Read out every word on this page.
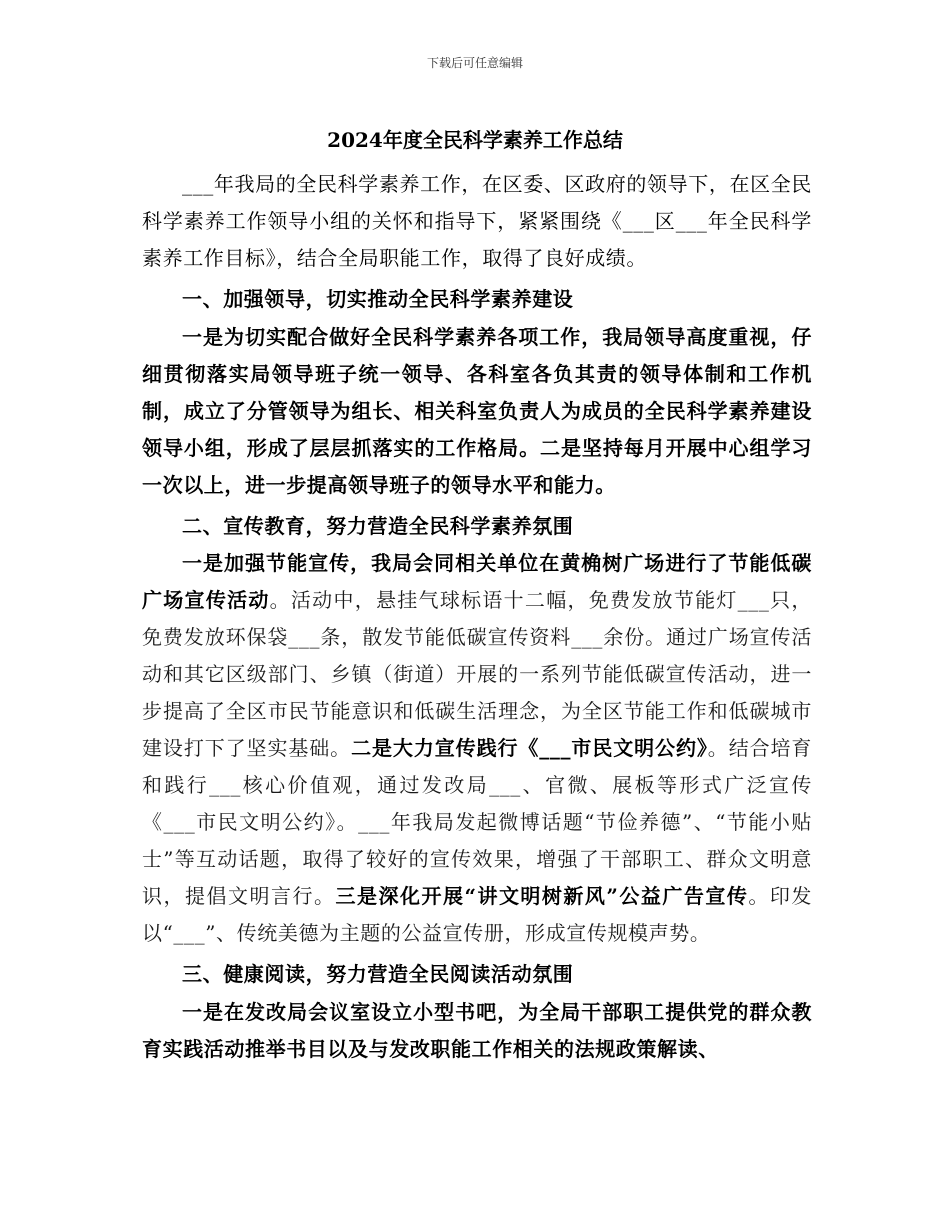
下载后可任意编辑
2024年度全民科学素养工作总结

___年我局的全民科学素养工作，在区委、区政府的领导下，在区全民科学素养工作领导小组的关怀和指导下，紧紧围绕《___区___年全民科学素养工作目标》，结合全局职能工作，取得了良好成绩。

一、加强领导，切实推动全民科学素养建设

一是为切实配合做好全民科学素养各项工作，我局领导高度重视，仔细贯彻落实局领导班子统一领导、各科室各负其责的领导体制和工作机制，成立了分管领导为组长、相关科室负责人为成员的全民科学素养建设领导小组，形成了层层抓落实的工作格局。二是坚持每月开展中心组学习一次以上，进一步提高领导班子的领导水平和能力。

二、宣传教育，努力营造全民科学素养氛围

一是加强节能宣传，我局会同相关单位在黄桷树广场进行了节能低碳广场宣传活动。活动中，悬挂气球标语十二幅，免费发放节能灯___只，免费发放环保袋___条，散发节能低碳宣传资料___余份。通过广场宣传活动和其它区级部门、乡镇（街道）开展的一系列节能低碳宣传活动，进一步提高了全区市民节能意识和低碳生活理念，为全区节能工作和低碳城市建设打下了坚实基础。二是大力宣传践行《___市民文明公约》。结合培育和践行___核心价值观，通过发改局___、官微、展板等形式广泛宣传《___市民文明公约》。___年我局发起微博话题“节俭养德”、“节能小贴士”等互动话题，取得了较好的宣传效果，增强了干部职工、群众文明意识，提倡文明言行。三是深化开展“讲文明树新风”公益广告宣传。印发以“___”、传统美德为主题的公益宣传册，形成宣传规模声势。

三、健康阅读，努力营造全民阅读活动氛围

一是在发改局会议室设立小型书吧，为全局干部职工提供党的群众教育实践活动推举书目以及与发改职能工作相关的法规政策解读、
